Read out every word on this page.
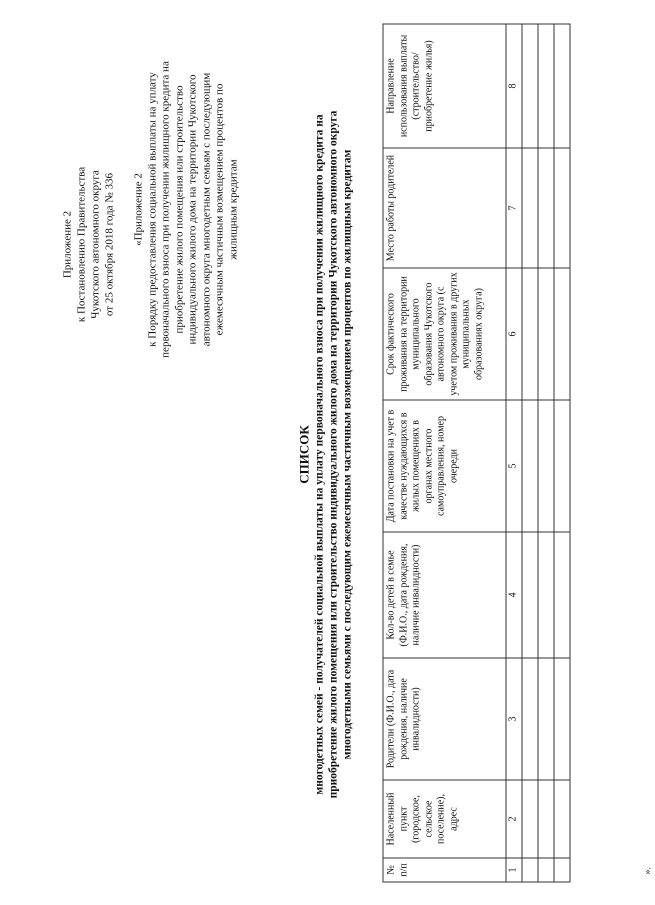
Приложение 2 к Постановлению Правительства Чукотского автономного округа от 25 октября 2018 года № 336 «Приложение 2 к Порядку предоставления социальной выплаты на уплату первоначального взноса при получении жилищного кредита на приобретение жилого помещения или строительство индивидуального жилого дома на территории Чукотского автономного округа многодетным семьям с последующим ежемесячным частичным возмещением процентов по жилищным кредитам
СПИСОК многодетных семей - получателей социальной выплаты на уплату первоначального взноса при получении жилищного кредита на приобретение жилого помещения или строительство индивидуального жилого дома на территории Чукотского автономного округа многодетными семьями с последующим ежемесячным частичным возмещением процентов по жилищным кредитам
№
п/п	Населенный пункт (городское, сельское поселение), адрес	Родители (Ф.И.О., дата рождения, наличие инвалидности)	Кол-во детей в семье (Ф.И.О., дата рождения, наличие инвалидности)	Дата постановки на учет в качестве нуждающихся в жилых помещениях в органах местного самоуправления, номер очереди	Срок фактического проживания на территории муниципального образования Чукотского автономного округа (с учетом проживания в других муниципальных образованиях округа)	Место работы родителей	Направление использования выплаты (строительство/ приобретение жилья)
1	2	3	4	5	6	7	8

».
